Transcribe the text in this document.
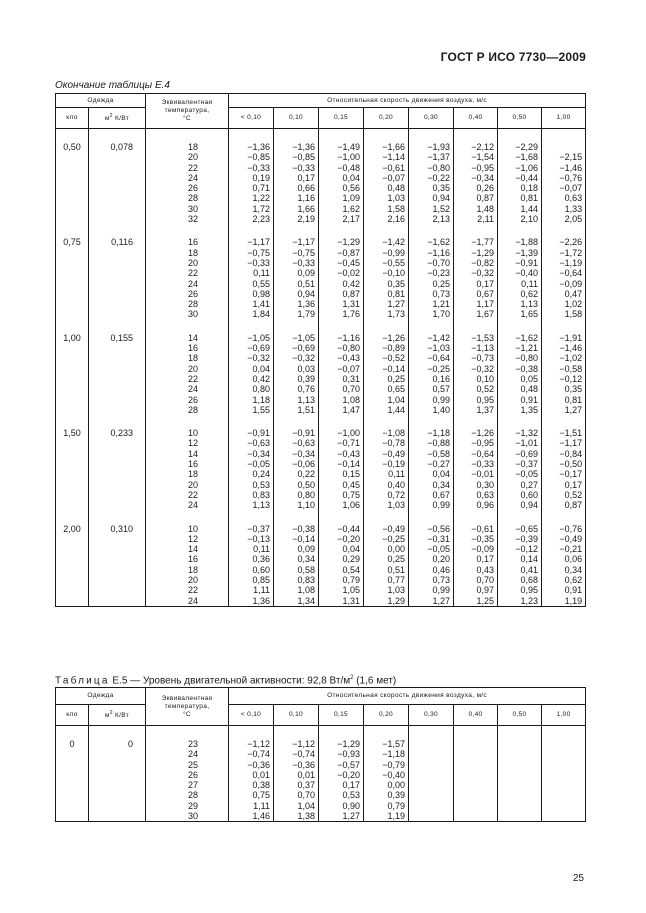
ГОСТ Р ИСО 7730—2009
Окончание таблицы Е.4
Одежда		Эквивалентная
температура,
°С	Относительная скорость движения воздуха, м/с							
кло	$м^2$ К/Вт		< 0,10	0,10	0,15	0,20	0,30	0,40	0,50	1,00

0,50	0,078	18	−1,36	−1,36	−1,49	−1,66	−1,93	−2,12	−2,29	
		20	−0,85	−0,85	−1,00	−1,14	−1,37	−1,54	−1,68	−2,15
		22	−0,33	−0,33	−0,48	−0,61	−0,80	−0,95	−1,06	−1,46
		24	0,19	0,17	0,04	−0,07	−0,22	−0,34	−0,44	−0,76
		26	0,71	0,66	0,56	0,48	0,35	0,26	0,18	−0,07
		28	1,22	1,16	1,09	1,03	0,94	0,87	0,81	0,63
		30	1,72	1,66	1,62	1,58	1,52	1,48	1,44	1,33
		32	2,23	2,19	2,17	2,16	2,13	2,11	2,10	2,05

0,75	0,116	16	−1,17	−1,17	−1,29	−1,42	−1,62	−1,77	−1,88	−2,26
		18	−0,75	−0,75	−0,87	−0,99	−1,16	−1,29	−1,39	−1,72
		20	−0,33	−0,33	−0,45	−0,55	−0,70	−0,82	−0,91	−1,19
		22	0,11	0,09	−0,02	−0,10	−0,23	−0,32	−0,40	−0,64
		24	0,55	0,51	0,42	0,35	0,25	0,17	0,11	−0,09
		26	0,98	0,94	0,87	0,81	0,73	0,67	0,62	0,47
		28	1,41	1,36	1,31	1,27	1,21	1,17	1,13	1,02
		30	1,84	1,79	1,76	1,73	1,70	1,67	1,65	1,58

1,00	0,155	14	−1,05	−1,05	−1,16	−1,26	−1,42	−1,53	−1,62	−1,91
		16	−0,69	−0,69	−0,80	−0,89	−1,03	−1,13	−1,21	−1,46
		18	−0,32	−0,32	−0,43	−0,52	−0,64	−0,73	−0,80	−1,02
		20	0,04	0,03	−0,07	−0,14	−0,25	−0,32	−0,38	−0,58
		22	0,42	0,39	0,31	0,25	0,16	0,10	0,05	−0,12
		24	0,80	0,76	0,70	0,65	0,57	0,52	0,48	0,35
		26	1,18	1,13	1,08	1,04	0,99	0,95	0,91	0,81
		28	1,55	1,51	1,47	1,44	1,40	1,37	1,35	1,27

1,50	0,233	10	−0,91	−0,91	−1,00	−1,08	−1,18	−1,26	−1,32	−1,51
		12	−0,63	−0,63	−0,71	−0,78	−0,88	−0,95	−1,01	−1,17
		14	−0,34	−0,34	−0,43	−0,49	−0,58	−0,64	−0,69	−0,84
		16	−0,05	−0,06	−0,14	−0,19	−0,27	−0,33	−0,37	−0,50
		18	0,24	0,22	0,15	0,11	0,04	−0,01	−0,05	−0,17
		20	0,53	0,50	0,45	0,40	0,34	0,30	0,27	0,17
		22	0,83	0,80	0,75	0,72	0,67	0,63	0,60	0,52
		24	1,13	1,10	1,06	1,03	0,99	0,96	0,94	0,87

2,00	0,310	10	−0,37	−0,38	−0,44	−0,49	−0,56	−0,61	−0,65	−0,76
		12	−0,13	−0,14	−0,20	−0,25	−0,31	−0,35	−0,39	−0,49
		14	0,11	0,09	0,04	0,00	−0,05	−0,09	−0,12	−0,21
		16	0,36	0,34	0,29	0,25	0,20	0,17	0,14	0,06
		18	0,60	0,58	0,54	0,51	0,46	0,43	0,41	0,34
		20	0,85	0,83	0,79	0,77	0,73	0,70	0,68	0,62
		22	1,11	1,08	1,05	1,03	0,99	0,97	0,95	0,91
		24	1,36	1,34	1,31	1,29	1,27	1,25	1,23	1,19
Таблица Е.5 — Уровень двигательной активности: 92,8 $Вт/м^2$ (1,6 мет)
Одежда		Эквивалентная
температура,
°С	Относительная скорость движения воздуха, м/с							
кло	$м^2$ К/Вт		< 0,10	0,10	0,15	0,20	0,30	0,40	0,50	1,00

0	0	23	−1,12	−1,12	−1,29	−1,57				
		24	−0,74	−0,74	−0,93	−1,18				
		25	−0,36	−0,36	−0,57	−0,79				
		26	0,01	0,01	−0,20	−0,40				
		27	0,38	0,37	0,17	0,00				
		28	0,75	0,70	0,53	0,39				
		29	1,11	1,04	0,90	0,79				
		30	1,46	1,38	1,27	1,19				
25
